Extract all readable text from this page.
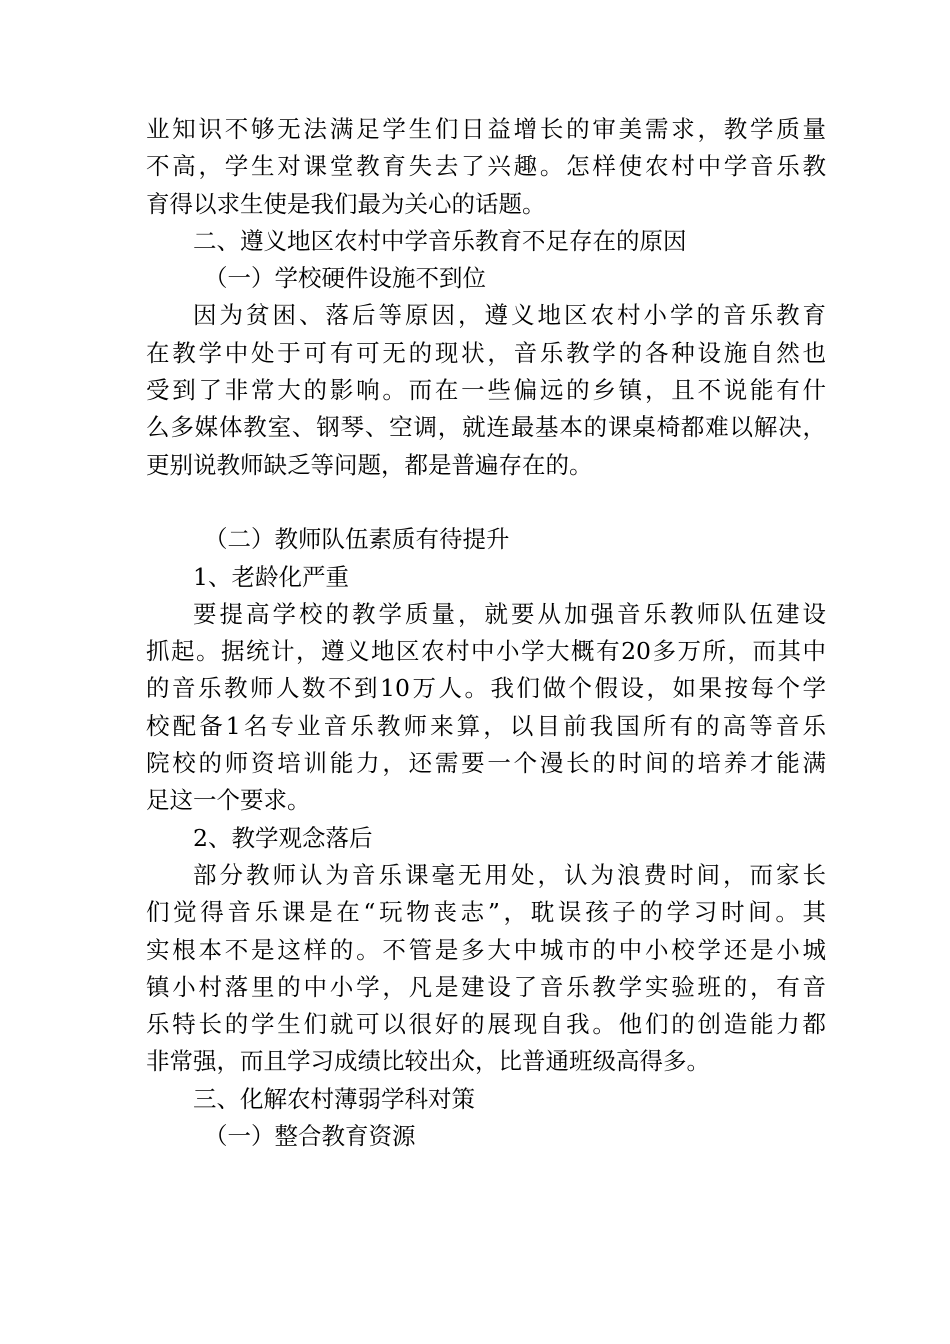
业知识不够无法满足学生们日益增长的审美需求，教学质量
不高，学生对课堂教育失去了兴趣。怎样使农村中学音乐教
育得以求生使是我们最为关心的话题。
二、遵义地区农村中学音乐教育不足存在的原因
（一）学校硬件设施不到位
因为贫困、落后等原因，遵义地区农村小学的音乐教育
在教学中处于可有可无的现状，音乐教学的各种设施自然也
受到了非常大的影响。而在一些偏远的乡镇，且不说能有什
么多媒体教室、钢琴、空调，就连最基本的课桌椅都难以解决，
更别说教师缺乏等问题，都是普遍存在的。
（二）教师队伍素质有待提升
1、老龄化严重
要提高学校的教学质量，就要从加强音乐教师队伍建设
抓起。据统计，遵义地区农村中小学大概有20多万所，而其中
的音乐教师人数不到10万人。我们做个假设，如果按每个学
校配备1名专业音乐教师来算，以目前我国所有的高等音乐
院校的师资培训能力，还需要一个漫长的时间的培养才能满
足这一个要求。
2、教学观念落后
部分教师认为音乐课毫无用处，认为浪费时间，而家长
们觉得音乐课是在“玩物丧志”，耽误孩子的学习时间。其
实根本不是这样的。不管是多大中城市的中小校学还是小城
镇小村落里的中小学，凡是建设了音乐教学实验班的，有音
乐特长的学生们就可以很好的展现自我。他们的创造能力都
非常强，而且学习成绩比较出众，比普通班级高得多。
三、化解农村薄弱学科对策
（一）整合教育资源
